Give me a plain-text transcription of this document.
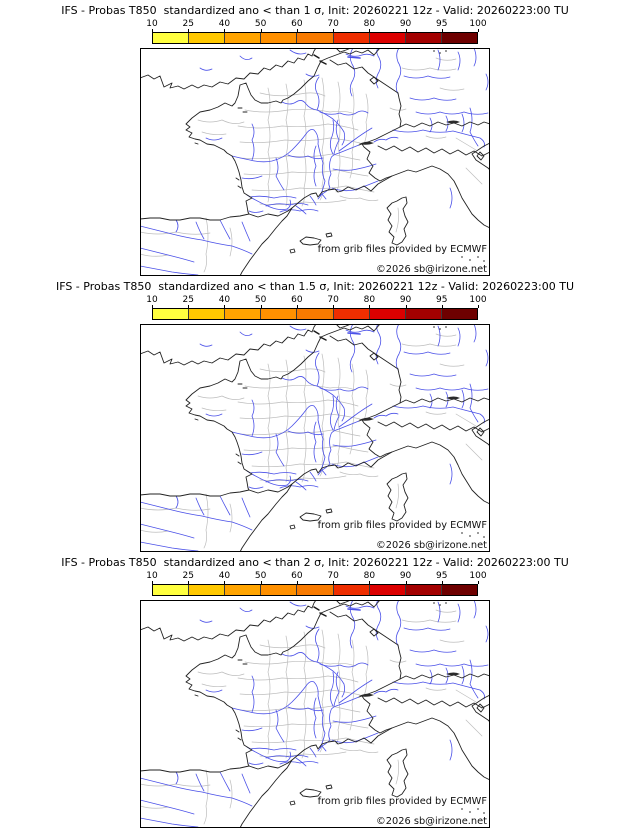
IFS - Probas T850  standardized ano < than 1 σ, Init: 20260221 12z - Valid: 20260223:00 TU
10	25	40	50	60	70	80	90	95 100
IFS - Probas T850  standardized ano < than 1.5 σ, Init: 20260221 12z - Valid: 20260223:00 TU
10	25	40	50	60	70	80	90	95 100
IFS - Probas T850  standardized ano < than 2 σ, Init: 20260221 12z - Valid: 20260223:00 TU
10	25	40	50	60	70	80	90	95 100
